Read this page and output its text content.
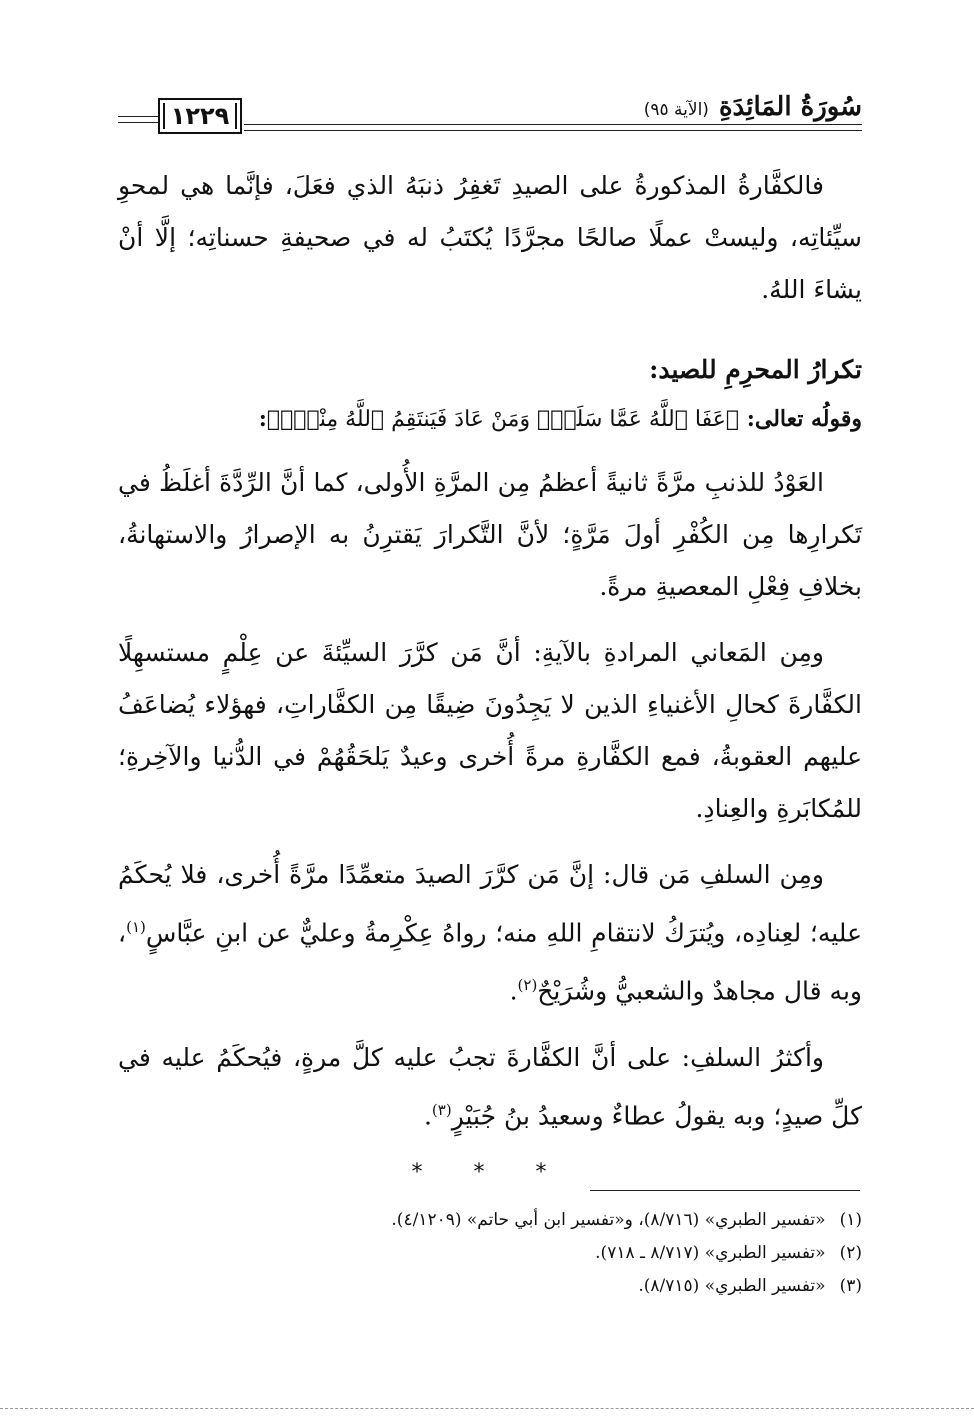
١٢٢٩	سُورَةُ المَائِدَةِ
(الآية ٩٥)

فالكفَّارةُ المذكورةُ على الصيدِ تَغفِرُ ذنبَهُ الذي فعَلَ، فإنَّما هي لمحوِ سيِّئاتِه، وليستْ عملًا صالحًا مجرَّدًا يُكتَبُ له في صحيفةِ حسناتِه؛ إلَّا أنْ يشاءَ اللهُ.

تكرارُ المحرِمِ للصيد:

وقولُه تعالى: ﴿عَفَا ٱللَّهُ عَمَّا سَلَفَۚ وَمَنْ عَادَ فَيَنتَقِمُ ٱللَّهُ مِنْهُۚ﴾:

العَوْدُ للذنبِ مرَّةً ثانيةً أعظمُ مِن المرَّةِ الأُولى، كما أنَّ الرِّدَّةَ أغلَظُ في تَكرارِها مِن الكُفْرِ أولَ مَرَّةٍ؛ لأنَّ التَّكرارَ يَقترِنُ به الإصرارُ والاستهانةُ، بخلافِ فِعْلِ المعصيةِ مرةً.

ومِن المَعاني المرادةِ بالآيةِ: أنَّ مَن كرَّرَ السيِّئةَ عن عِلْمٍ مستسهِلًا الكفَّارةَ كحالِ الأغنياءِ الذين لا يَجِدُونَ ضِيقًا مِن الكفَّاراتِ، فهؤلاء يُضاعَفُ عليهم العقوبةُ، فمع الكفَّارةِ مرةً أُخرى وعيدٌ يَلحَقُهُمْ في الدُّنيا والآخِرةِ؛ للمُكابَرةِ والعِنادِ.

ومِن السلفِ مَن قال: إنَّ مَن كرَّرَ الصيدَ متعمِّدًا مرَّةً أُخرى، فلا يُحكَمُ عليه؛ لعِنادِه، ويُترَكُ لانتقامِ اللهِ منه؛ رواهُ عِكْرِمةُ وعليٌّ عن ابنِ عبَّاسٍ$^{(١)}$، وبه قال مجاهدٌ والشعبيُّ وشُرَيْحٌ$^{(٢)}$.

وأكثرُ السلفِ: على أنَّ الكفَّارةَ تجبُ عليه كلَّ مرةٍ، فيُحكَمُ عليه في كلِّ صيدٍ؛ وبه يقولُ عطاءٌ وسعيدُ بنُ جُبَيْرٍ$^{(٣)}$.

* * *

(١)«تفسير الطبري» (٨/٧١٦)، و«تفسير ابن أبي حاتم» (٤/١٢٠٩).

(٢)«تفسير الطبري» (٨/٧١٧ ـ ٧١٨).

(٣)«تفسير الطبري» (٨/٧١٥).
